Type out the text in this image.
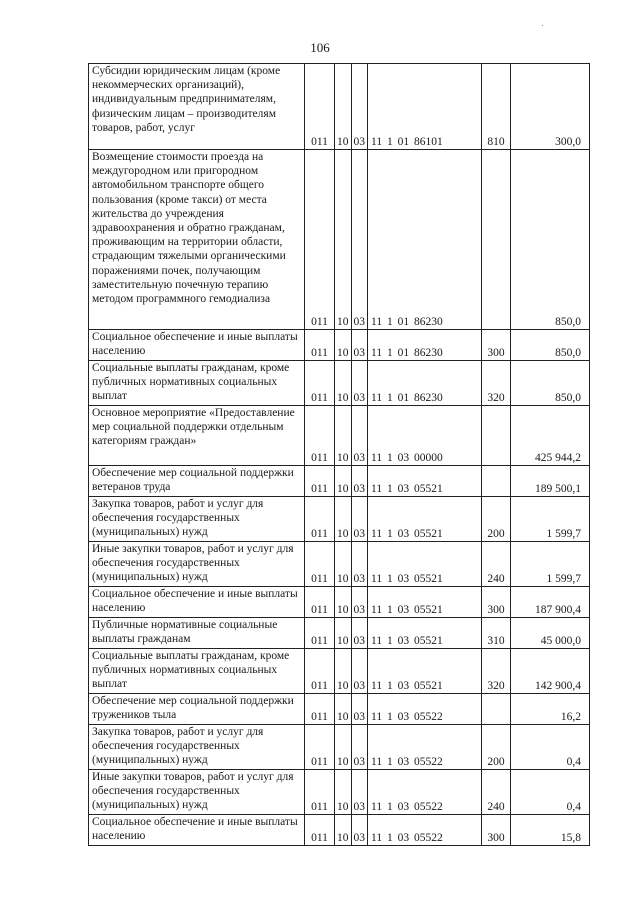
·
106
Субсидии юридическим лицам (кроме некоммерческих организаций), индивидуальным предпринимателям, физическим лицам – производителям товаров, работ, услуг	011	10	03	11 1 01 86101	810	300,0
Возмещение стоимости проезда на междугородном или пригородном автомобильном транспорте общего пользования (кроме такси) от места жительства до учреждения здравоохранения и обратно гражданам, проживающим на территории области, страдающим тяжелыми органическими поражениями почек, получающим заместительную почечную терапию методом программного гемодиализа	011	10	03	11 1 01 86230		850,0
Социальное обеспечение и иные выплаты населению	011	10	03	11 1 01 86230	300	850,0
Социальные выплаты гражданам, кроме публичных нормативных социальных выплат	011	10	03	11 1 01 86230	320	850,0
Основное мероприятие «Предоставление мер социальной поддержки отдельным категориям граждан»	011	10	03	11 1 03 00000		425 944,2
Обеспечение мер социальной поддержки ветеранов труда	011	10	03	11 1 03 05521		189 500,1
Закупка товаров, работ и услуг для обеспечения государственных (муниципальных) нужд	011	10	03	11 1 03 05521	200	1 599,7
Иные закупки товаров, работ и услуг для обеспечения государственных (муниципальных) нужд	011	10	03	11 1 03 05521	240	1 599,7
Социальное обеспечение и иные выплаты населению	011	10	03	11 1 03 05521	300	187 900,4
Публичные нормативные социальные выплаты гражданам	011	10	03	11 1 03 05521	310	45 000,0
Социальные выплаты гражданам, кроме публичных нормативных социальных выплат	011	10	03	11 1 03 05521	320	142 900,4
Обеспечение мер социальной поддержки тружеников тыла	011	10	03	11 1 03 05522		16,2
Закупка товаров, работ и услуг для обеспечения государственных (муниципальных) нужд	011	10	03	11 1 03 05522	200	0,4
Иные закупки товаров, работ и услуг для обеспечения государственных (муниципальных) нужд	011	10	03	11 1 03 05522	240	0,4
Социальное обеспечение и иные выплаты населению	011	10	03	11 1 03 05522	300	15,8
